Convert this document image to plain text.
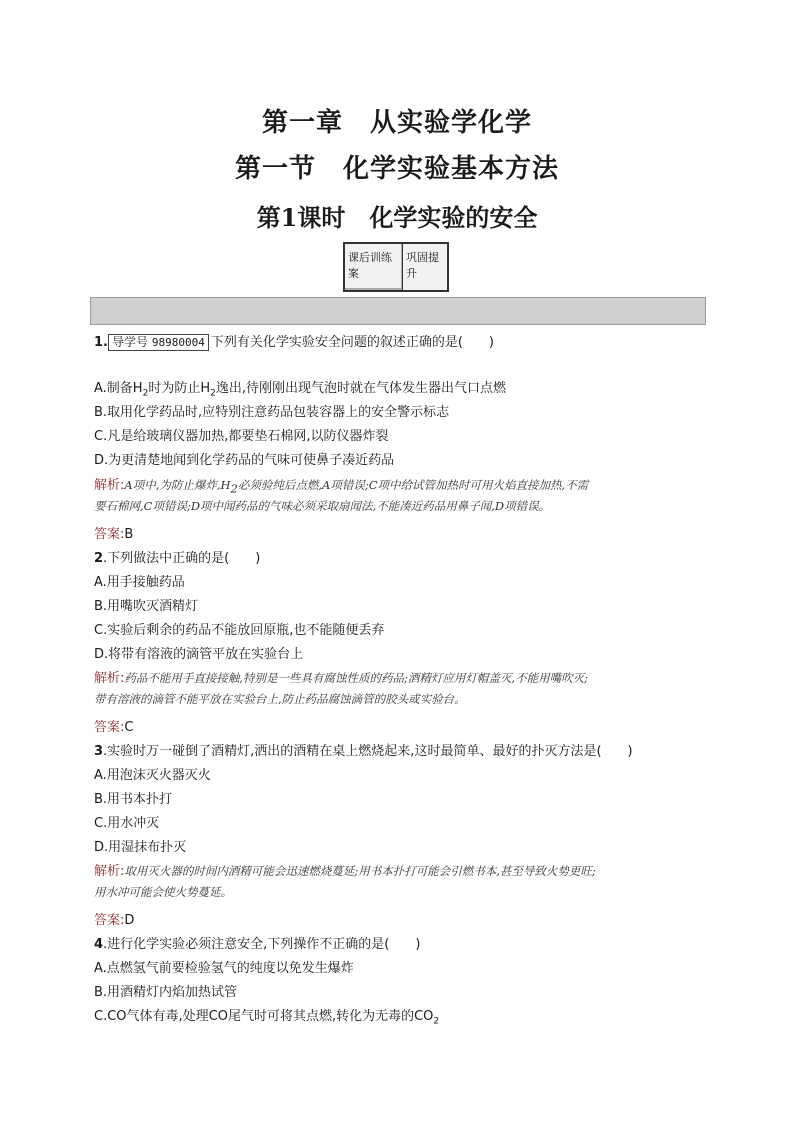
第一章　从实验学化学
第一节　化学实验基本方法
第1课时　化学实验的安全
课后训练案
巩固提升
1. 导学号 98980004 下列有关化学实验安全问题的叙述正确的是(　　)
A.制备$H_2$时为防止$H_2$逸出,待刚刚出现气泡时就在气体发生器出气口点燃
B.取用化学药品时,应特别注意药品包装容器上的安全警示标志
C.凡是给玻璃仪器加热,都要垫石棉网,以防仪器炸裂
D.为更清楚地闻到化学药品的气味可使鼻子凑近药品
解析:A项中,为防止爆炸$,H_2$必须验纯后点燃,A项错误;C项中给试管加热时可用火焰直接加热,不需
要石棉网,C项错误;D项中闻药品的气味必须采取扇闻法,不能凑近药品用鼻子闻,D项错误。
答案:B
2.下列做法中正确的是(　　)
A.用手接触药品
B.用嘴吹灭酒精灯
C.实验后剩余的药品不能放回原瓶,也不能随便丢弃
D.将带有溶液的滴管平放在实验台上
解析:药品不能用手直接接触,特别是一些具有腐蚀性质的药品;酒精灯应用灯帽盖灭,不能用嘴吹灭;
带有溶液的滴管不能平放在实验台上,防止药品腐蚀滴管的胶头或实验台。
答案:C
3.实验时万一碰倒了酒精灯,洒出的酒精在桌上燃烧起来,这时最简单、最好的扑灭方法是(　　)
A.用泡沫灭火器灭火
B.用书本扑打
C.用水冲灭
D.用湿抹布扑灭
解析:取用灭火器的时间内酒精可能会迅速燃烧蔓延;用书本扑打可能会引燃书本,甚至导致火势更旺;
用水冲可能会使火势蔓延。
答案:D
4.进行化学实验必须注意安全,下列操作不正确的是(　　)
A.点燃氢气前要检验氢气的纯度以免发生爆炸
B.用酒精灯内焰加热试管
C.CO气体有毒,处理CO尾气时可将其点燃,转化为无毒的$CO_2$
